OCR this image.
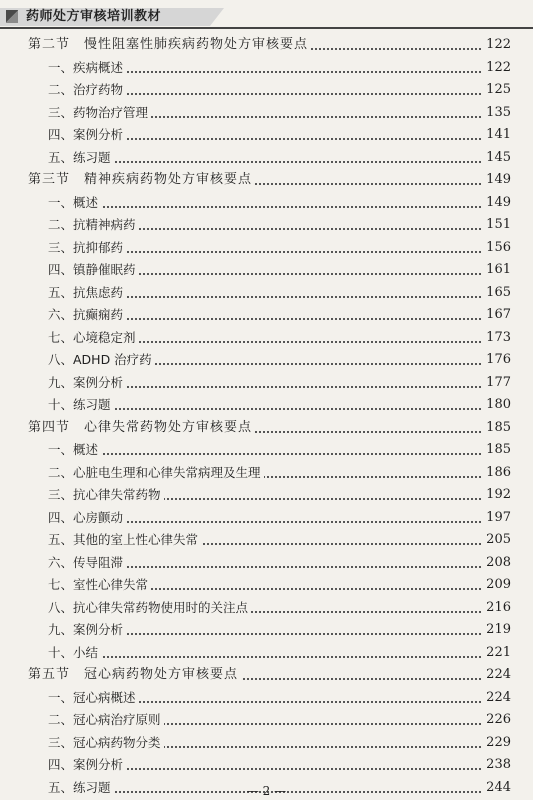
药师处方审核培训教材
第二节　慢性阻塞性肺疾病药物处方审核要点	122
一、疾病概述	122
二、治疗药物	125
三、药物治疗管理	135
四、案例分析	141
五、练习题	145
第三节　精神疾病药物处方审核要点	149
一、概述	149
二、抗精神病药	151
三、抗抑郁药	156
四、镇静催眠药	161
五、抗焦虑药	165
六、抗癫痫药	167
七、心境稳定剂	173
八、ADHD 治疗药	176
九、案例分析	177
十、练习题	180
第四节　心律失常药物处方审核要点	185
一、概述	185
二、心脏电生理和心律失常病理及生理	186
三、抗心律失常药物	192
四、心房颤动	197
五、其他的室上性心律失常	205
六、传导阻滞	208
七、室性心律失常	209
八、抗心律失常药物使用时的关注点	216
九、案例分析	219
十、小结	221
第五节　冠心病药物处方审核要点	224
一、冠心病概述	224
二、冠心病治疗原则	226
三、冠心病药物分类	229
四、案例分析	238
五、练习题	244
— 2 —
